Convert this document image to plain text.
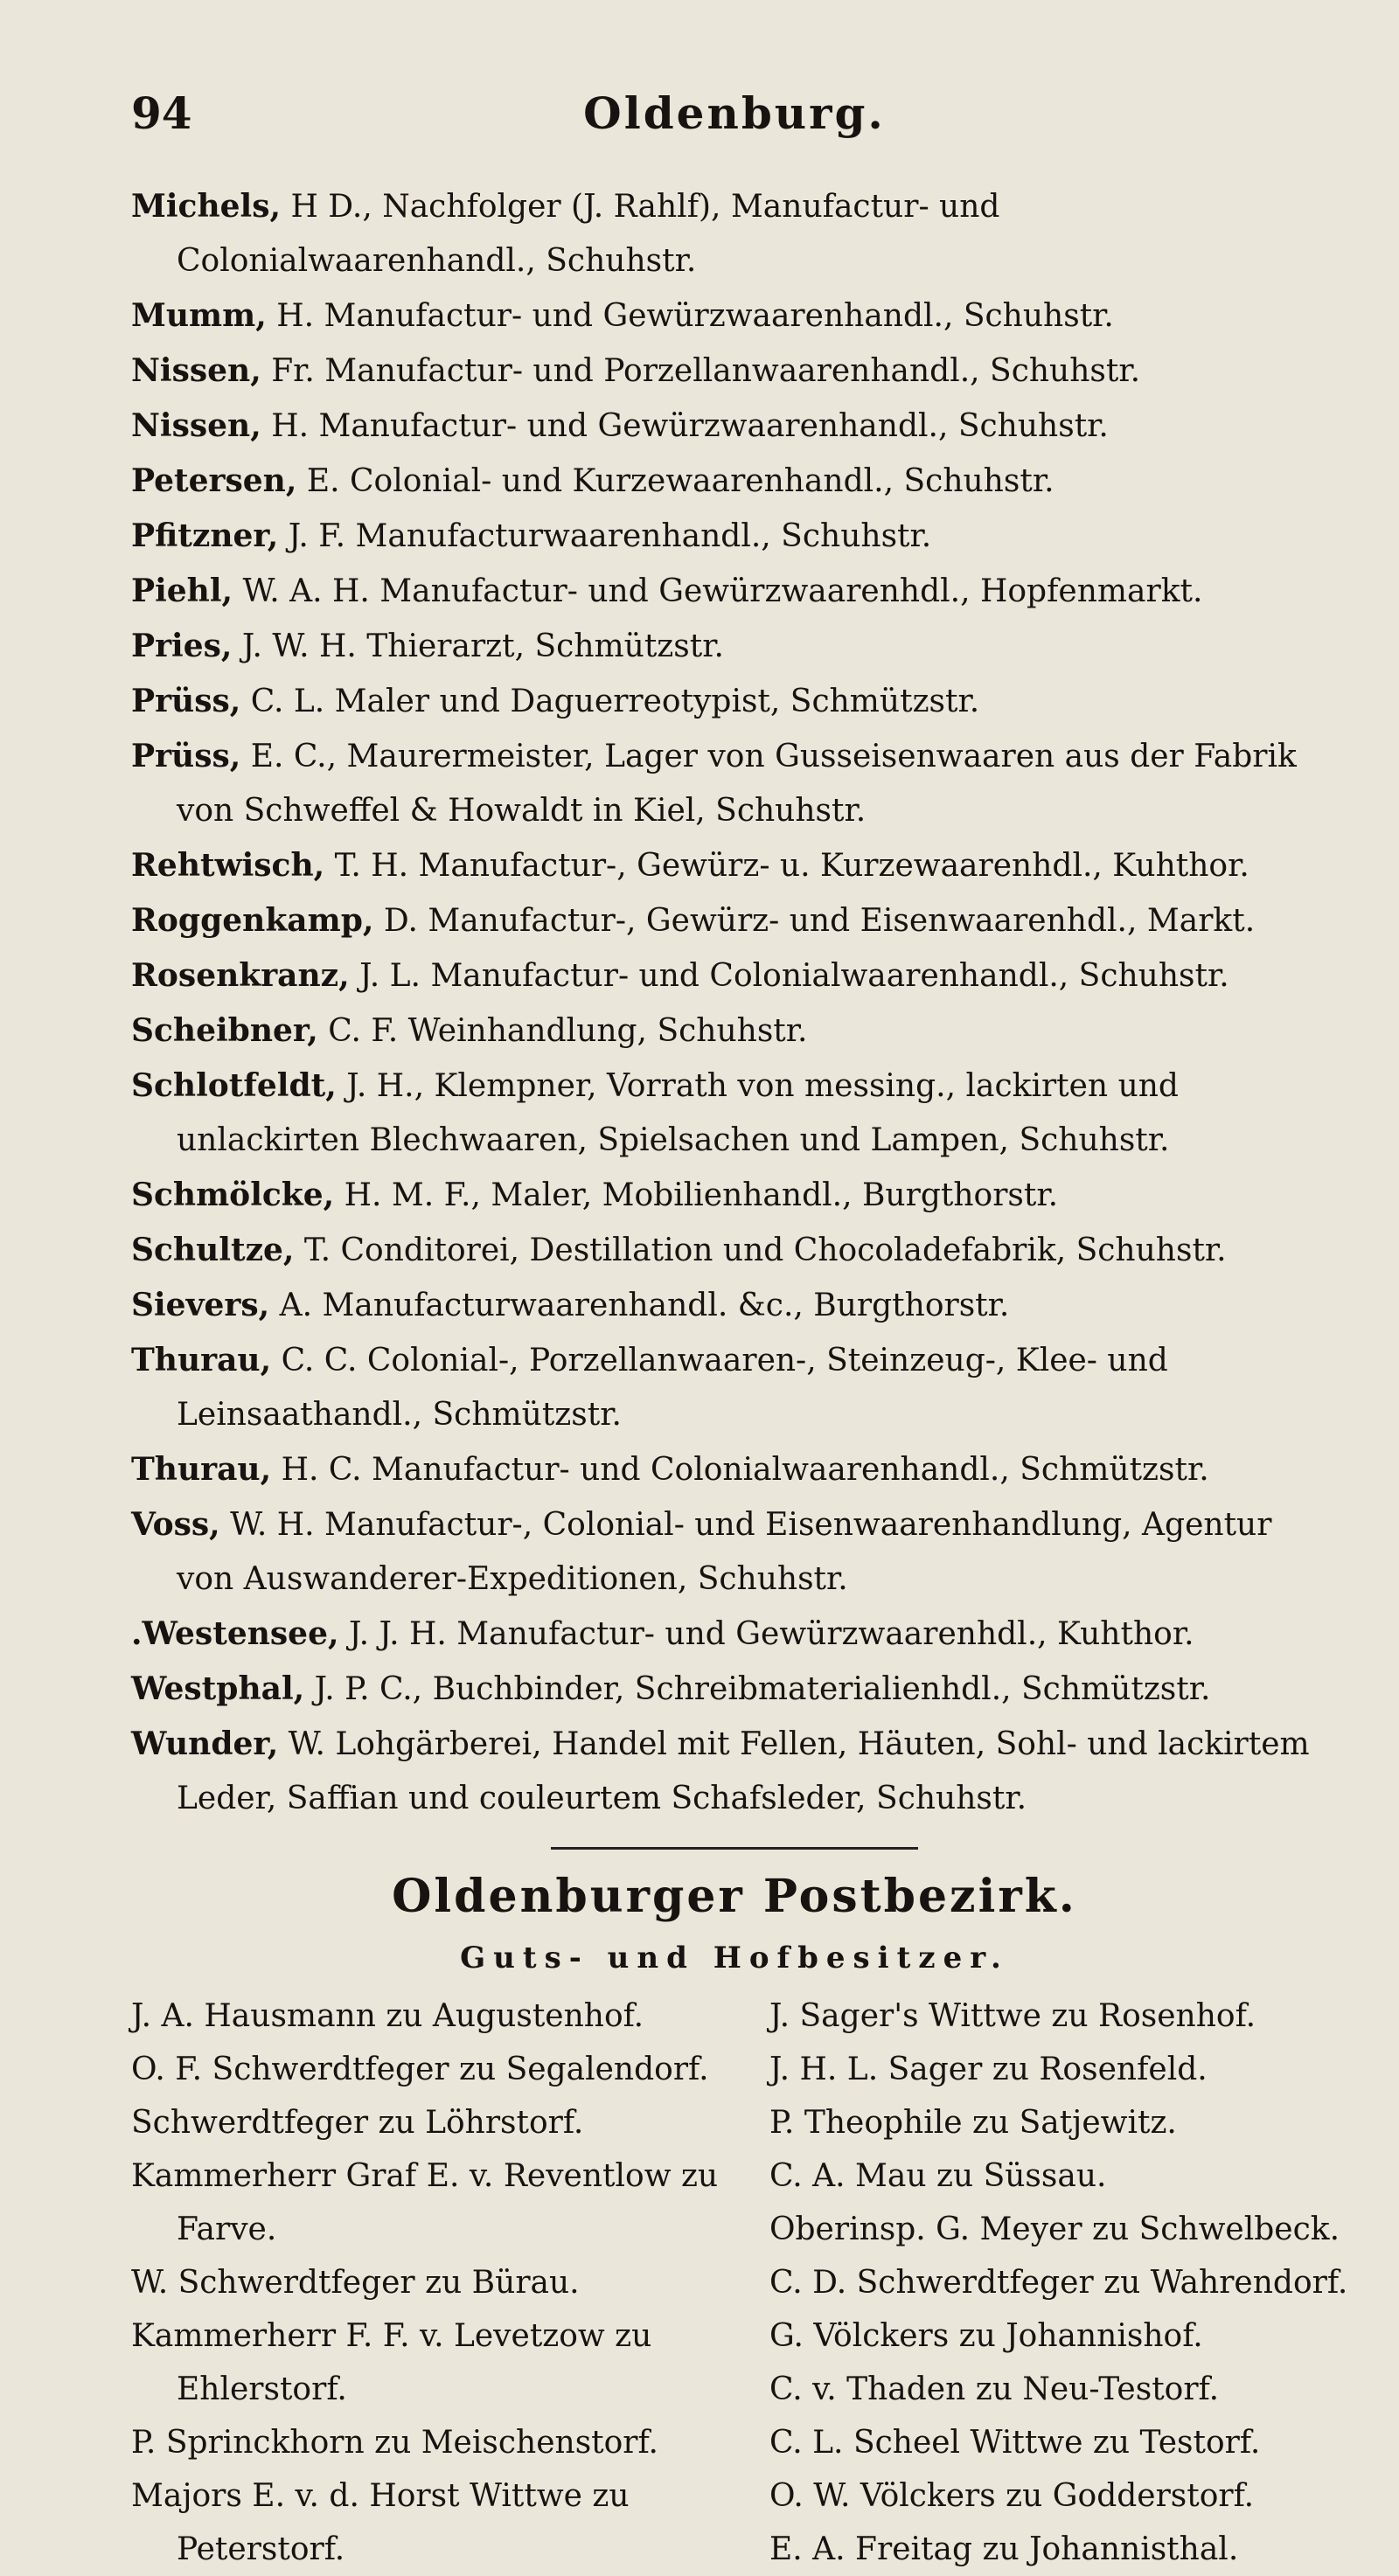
94	Oldenburg.

Michels, H D., Nachfolger (J. Rahlf), Manufactur- und Colonialwaarenhandl., Schuhstr.

Mumm, H. Manufactur- und Gewürzwaarenhandl., Schuhstr.

Nissen, Fr. Manufactur- und Porzellanwaarenhandl., Schuhstr.

Nissen, H. Manufactur- und Gewürzwaarenhandl., Schuhstr.

Petersen, E. Colonial- und Kurzewaarenhandl., Schuhstr.

Pfitzner, J. F. Manufacturwaarenhandl., Schuhstr.

Piehl, W. A. H. Manufactur- und Gewürzwaarenhdl., Hopfenmarkt.

Pries, J. W. H. Thierarzt, Schmützstr.

Prüss, C. L. Maler und Daguerreotypist, Schmützstr.

Prüss, E. C., Maurermeister, Lager von Gusseisenwaaren aus der Fabrik von Schweffel & Howaldt in Kiel, Schuhstr.

Rehtwisch, T. H. Manufactur-, Gewürz- u. Kurzewaarenhdl., Kuhthor.

Roggenkamp, D. Manufactur-, Gewürz- und Eisenwaarenhdl., Markt.

Rosenkranz, J. L. Manufactur- und Colonialwaarenhandl., Schuhstr.

Scheibner, C. F. Weinhandlung, Schuhstr.

Schlotfeldt, J. H., Klempner, Vorrath von messing., lackirten und unlackirten Blechwaaren, Spielsachen und Lampen, Schuhstr.

Schmölcke, H. M. F., Maler, Mobilienhandl., Burgthorstr.

Schultze, T. Conditorei, Destillation und Chocoladefabrik, Schuhstr.

Sievers, A. Manufacturwaarenhandl. &c., Burgthorstr.

Thurau, C. C. Colonial-, Porzellanwaaren-, Steinzeug-, Klee- und Leinsaathandl., Schmützstr.

Thurau, H. C. Manufactur- und Colonialwaarenhandl., Schmützstr.

Voss, W. H. Manufactur-, Colonial- und Eisenwaarenhandlung, Agentur von Auswanderer-Expeditionen, Schuhstr.

.Westensee, J. J. H. Manufactur- und Gewürzwaarenhdl., Kuhthor.

Westphal, J. P. C., Buchbinder, Schreibmaterialienhdl., Schmützstr.

Wunder, W. Lohgärberei, Handel mit Fellen, Häuten, Sohl- und lackirtem Leder, Saffian und couleurtem Schafsleder, Schuhstr.

Oldenburger Postbezirk.
Guts- und Hofbesitzer.
J. A. Hausmann zu Augustenhof.
O. F. Schwerdtfeger zu Segalendorf.
Schwerdtfeger zu Löhrstorf.
Kammerherr Graf E. v. Reventlow zu Farve.
W. Schwerdtfeger zu Bürau.
Kammerherr F. F. v. Levetzow zu Ehlerstorf.
P. Sprinckhorn zu Meischenstorf.
Majors E. v. d. Horst Wittwe zu Peterstorf.
J. Sager's Wittwe zu Rosenhof.
J. H. L. Sager zu Rosenfeld.
P. Theophile zu Satjewitz.
C. A. Mau zu Süssau.
Oberinsp. G. Meyer zu Schwelbeck.
C. D. Schwerdtfeger zu Wahrendorf.
G. Völckers zu Johannishof.
C. v. Thaden zu Neu-Testorf.
C. L. Scheel Wittwe zu Testorf.
O. W. Völckers zu Godderstorf.
E. A. Freitag zu Johannisthal.
